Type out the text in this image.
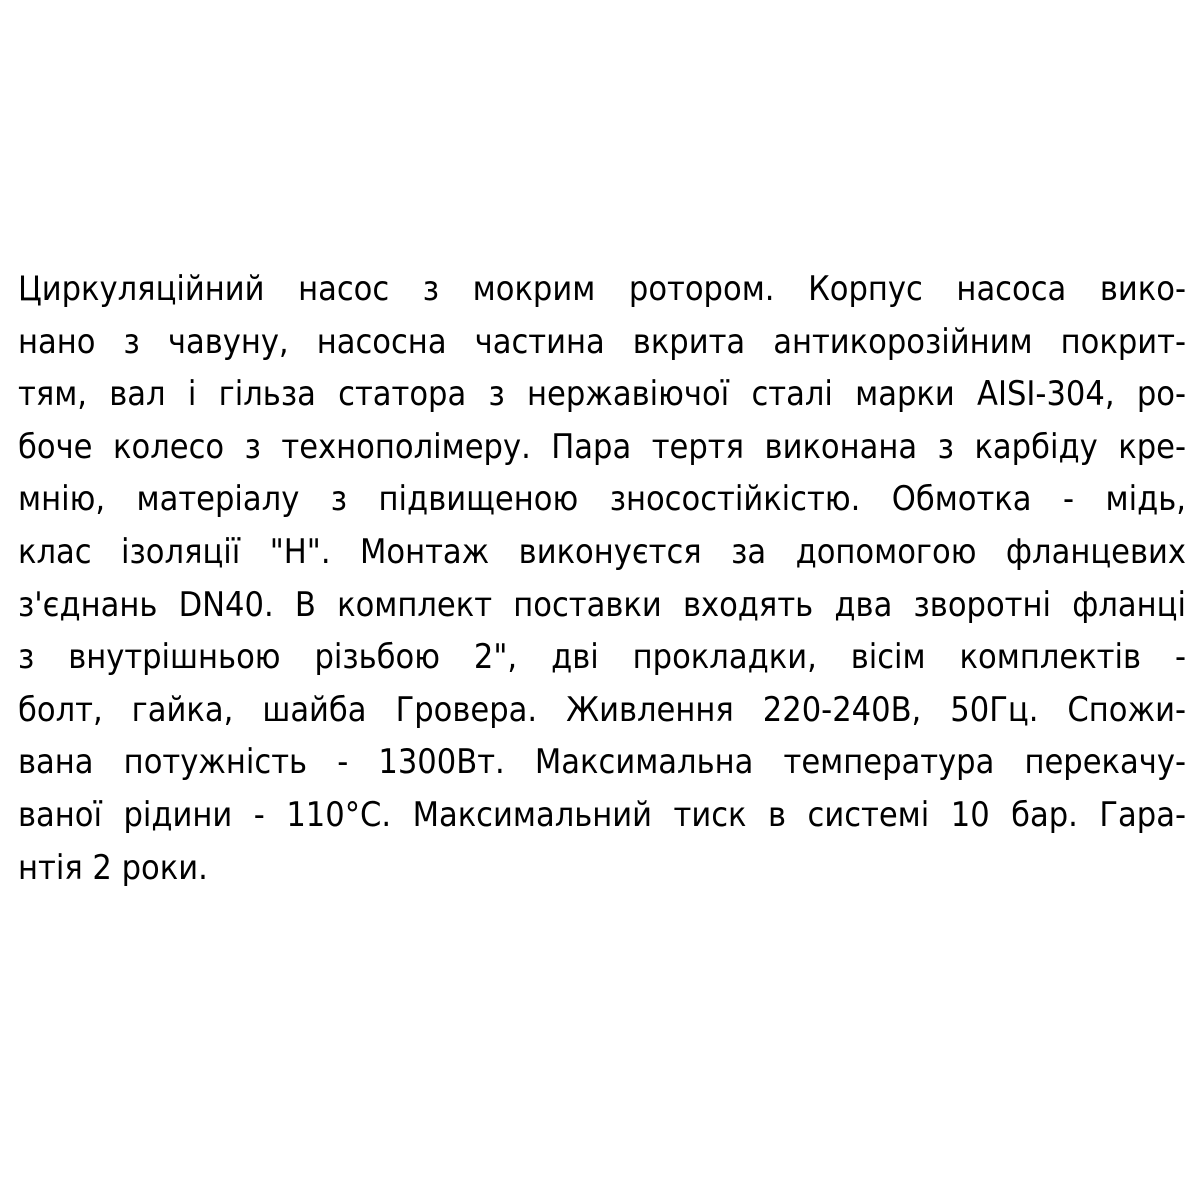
Циркуляційний насос з мокрим ротором. Корпус насоса вико-
нано з чавуну, насосна частина вкрита антикорозійним покрит-
тям, вал і гільза статора з нержавіючої сталі марки AISI-304, ро-
боче колесо з технополімеру. Пара тертя виконана з карбіду кре-
мнію, матеріалу з підвищеною зносостійкістю. Обмотка - мідь,
клас ізоляції "H". Монтаж виконуєтся за допомогою фланцевих
з'єднань DN40. В комплект поставки входять два зворотні фланці
з внутрішньою різьбою 2", дві прокладки, вісім комплектів -
болт, гайка, шайба Гровера. Живлення 220-240В, 50Гц. Спожи-
вана потужність - 1300Вт. Максимальна температура перекачу-
ваної рідини - 110°С. Максимальний тиск в системі 10 бар. Гара-
нтія 2 роки.
